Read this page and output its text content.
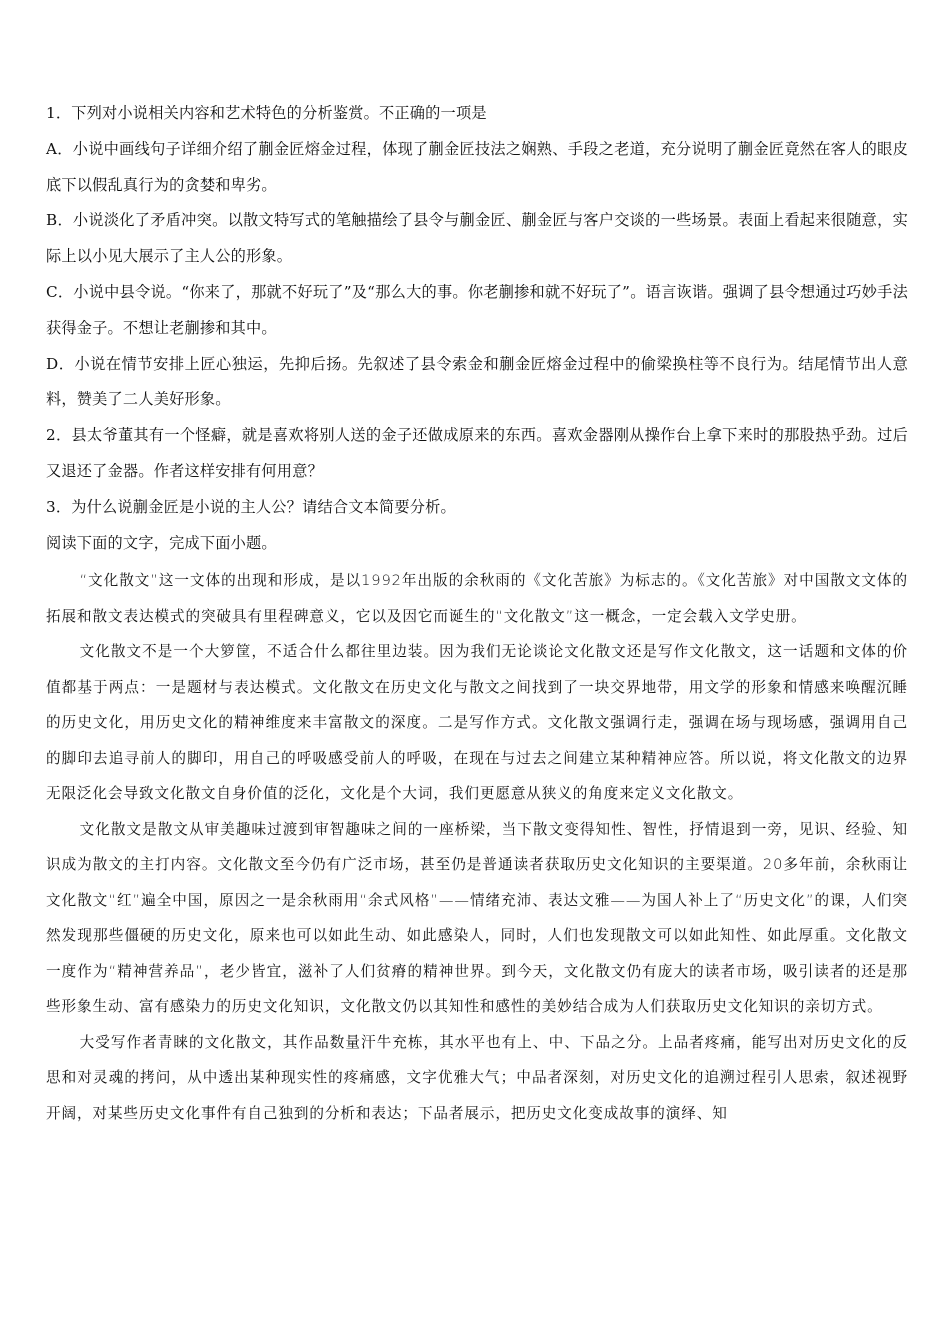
1．下列对小说相关内容和艺术特色的分析鉴赏。不正确的一项是

A．小说中画线句子详细介绍了蒯金匠熔金过程，体现了蒯金匠技法之娴熟、手段之老道，充分说明了蒯金匠竟然在客人的眼皮底下以假乱真行为的贪婪和卑劣。

B．小说淡化了矛盾冲突。以散文特写式的笔触描绘了县令与蒯金匠、蒯金匠与客户交谈的一些场景。表面上看起来很随意，实际上以小见大展示了主人公的形象。

C．小说中县令说。“你来了，那就不好玩了”及“那么大的事。你老蒯掺和就不好玩了”。语言诙谐。强调了县令想通过巧妙手法获得金子。不想让老蒯掺和其中。

D．小说在情节安排上匠心独运，先抑后扬。先叙述了县令索金和蒯金匠熔金过程中的偷梁换柱等不良行为。结尾情节出人意料，赞美了二人美好形象。

2．县太爷董其有一个怪癖，就是喜欢将别人送的金子还做成原来的东西。喜欢金器刚从操作台上拿下来时的那股热乎劲。过后又退还了金器。作者这样安排有何用意？

3．为什么说蒯金匠是小说的主人公？请结合文本简要分析。

阅读下面的文字，完成下面小题。

“文化散文”这一文体的出现和形成，是以1992年出版的余秋雨的《文化苦旅》为标志的。《文化苦旅》对中国散文文体的拓展和散文表达模式的突破具有里程碑意义，它以及因它而诞生的“文化散文”这一概念，一定会载入文学史册。

文化散文不是一个大箩筐，不适合什么都往里边装。因为我们无论谈论文化散文还是写作文化散文，这一话题和文体的价值都基于两点：一是题材与表达模式。文化散文在历史文化与散文之间找到了一块交界地带，用文学的形象和情感来唤醒沉睡的历史文化，用历史文化的精神维度来丰富散文的深度。二是写作方式。文化散文强调行走，强调在场与现场感，强调用自己的脚印去追寻前人的脚印，用自己的呼吸感受前人的呼吸，在现在与过去之间建立某种精神应答。所以说，将文化散文的边界无限泛化会导致文化散文自身价值的泛化，文化是个大词，我们更愿意从狭义的角度来定义文化散文。

文化散文是散文从审美趣味过渡到审智趣味之间的一座桥梁，当下散文变得知性、智性，抒情退到一旁，见识、经验、知识成为散文的主打内容。文化散文至今仍有广泛市场，甚至仍是普通读者获取历史文化知识的主要渠道。20多年前，余秋雨让文化散文“红”遍全中国，原因之一是余秋雨用“余式风格”——情绪充沛、表达文雅——为国人补上了“历史文化”的课，人们突然发现那些僵硬的历史文化，原来也可以如此生动、如此感染人，同时，人们也发现散文可以如此知性、如此厚重。文化散文一度作为“精神营养品”，老少皆宜，滋补了人们贫瘠的精神世界。到今天，文化散文仍有庞大的读者市场，吸引读者的还是那些形象生动、富有感染力的历史文化知识，文化散文仍以其知性和感性的美妙结合成为人们获取历史文化知识的亲切方式。

大受写作者青睐的文化散文，其作品数量汗牛充栋，其水平也有上、中、下品之分。上品者疼痛，能写出对历史文化的反思和对灵魂的拷问，从中透出某种现实性的疼痛感，文字优雅大气；中品者深刻，对历史文化的追溯过程引人思索，叙述视野开阔，对某些历史文化事件有自己独到的分析和表达；下品者展示，把历史文化变成故事的演绎、知
